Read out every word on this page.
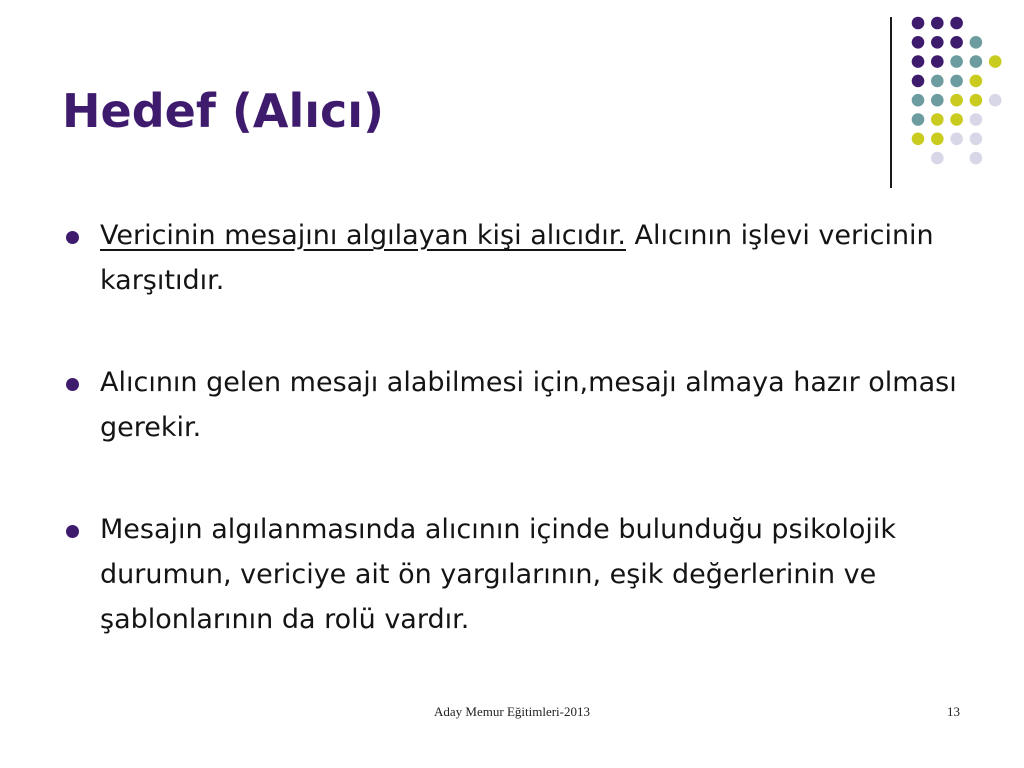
Hedef (Alıcı)
Vericinin mesajını algılayan kişi alıcıdır. Alıcının işlevi vericinin karşıtıdır.
Alıcının gelen mesajı alabilmesi için,mesajı almaya hazır olması gerekir.
Mesajın algılanmasında alıcının içinde bulunduğu psikolojik durumun, vericiye ait ön yargılarının, eşik değerlerinin ve şablonlarının da rolü vardır.
Aday Memur Eğitimleri-2013	13
